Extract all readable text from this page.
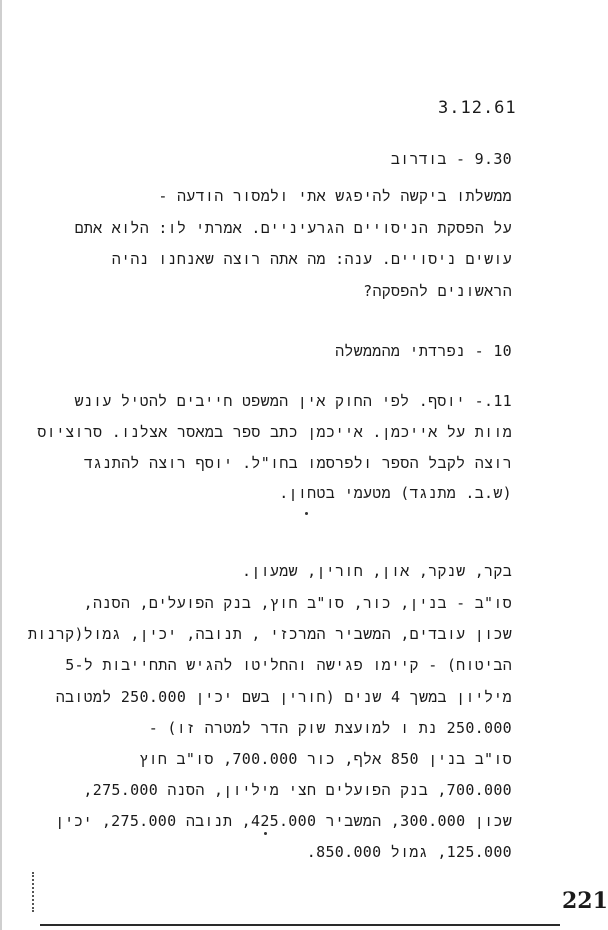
3.12.61
9.30 - בודרוב
ממשלתו ביקשה להיפגש אתי ולמסור הודעה -
על הפסקת הניסויים הגרעיניים. אמרתי לו: הלוא אתם
עושים ניסויים. ענה: מה אתה רוצה שאנחנו נהיה
הראשונים להפסקה?
10 - נפרדתי מהממשלה
11.- יוסף. לפי החוק אין המשפט חייבים להטיל עונש
מוות על אייכמן. אייכמן כתב ספר במאסר אצלנו. סרוציוס
רוצה לקבל הספר ולפרסמו בחו"ל. יוסף רוצה להתנגד
(ש.ב. מתנגד) מטעמי בטחון.
בקר, שנקר, און, חורין, שמעון.
סו"ב - בנין, כור, סו"ב חוץ, בנק הפועלים, הסנה,
שכון עובדים, המשביר המרכזי , תנובה, יכין, גמול(קרנות
הביטוח) - קיימו פגישה והחליטו להגיש התחייבות ל-5
מיליון במשך 4 שנים (חורין בשם יכין 250.000 למטובה
250.000 נת ו למועצת שוק הדר למטרה זו) -
סו"ב בנין 850 אלף, כור 700.000, סו"ב חוץ
700.000, בנק הפועלים חצי מיליון, הסנה 275.000,
שכון 300.000, המשביר 425.000, תנובה 275.000, יכין
125.000, גמול 850.000.
221
